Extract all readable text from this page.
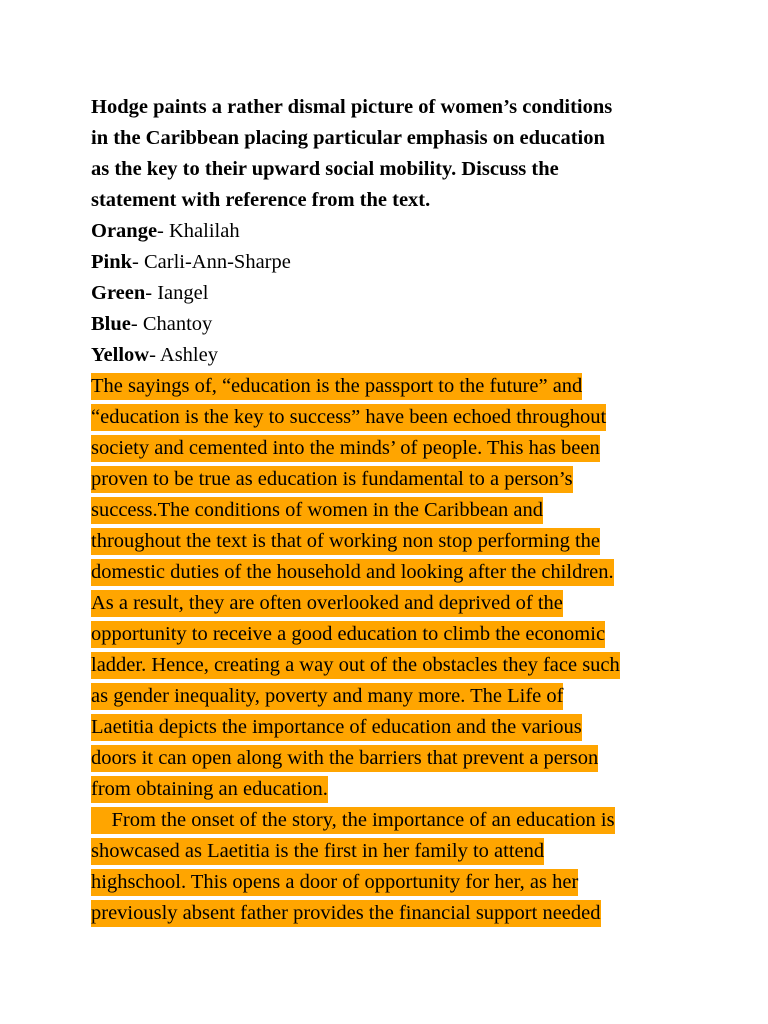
Hodge paints a rather dismal picture of women’s conditions
in the Caribbean placing particular emphasis on education
as the key to their upward social mobility. Discuss the
statement with reference from the text.
Orange- Khalilah
Pink- Carli-Ann-Sharpe
Green- Iangel
Blue- Chantoy
Yellow- Ashley
The sayings of, “education is the passport to the future” and
“education is the key to success” have been echoed throughout
society and cemented into the minds’ of people. This has been
proven to be true as education is fundamental to a person’s
success.The conditions of women in the Caribbean and
throughout the text is that of working non stop performing the
domestic duties of the household and looking after the children.
As a result, they are often overlooked and deprived of the
opportunity to receive a good education to climb the economic
ladder. Hence, creating a way out of the obstacles they face such
as gender inequality, poverty and many more. The Life of
Laetitia depicts the importance of education and the various
doors it can open along with the barriers that prevent a person
from obtaining an education.
From the onset of the story, the importance of an education is
showcased as Laetitia is the first in her family to attend
highschool. This opens a door of opportunity for her, as her
previously absent father provides the financial support needed
